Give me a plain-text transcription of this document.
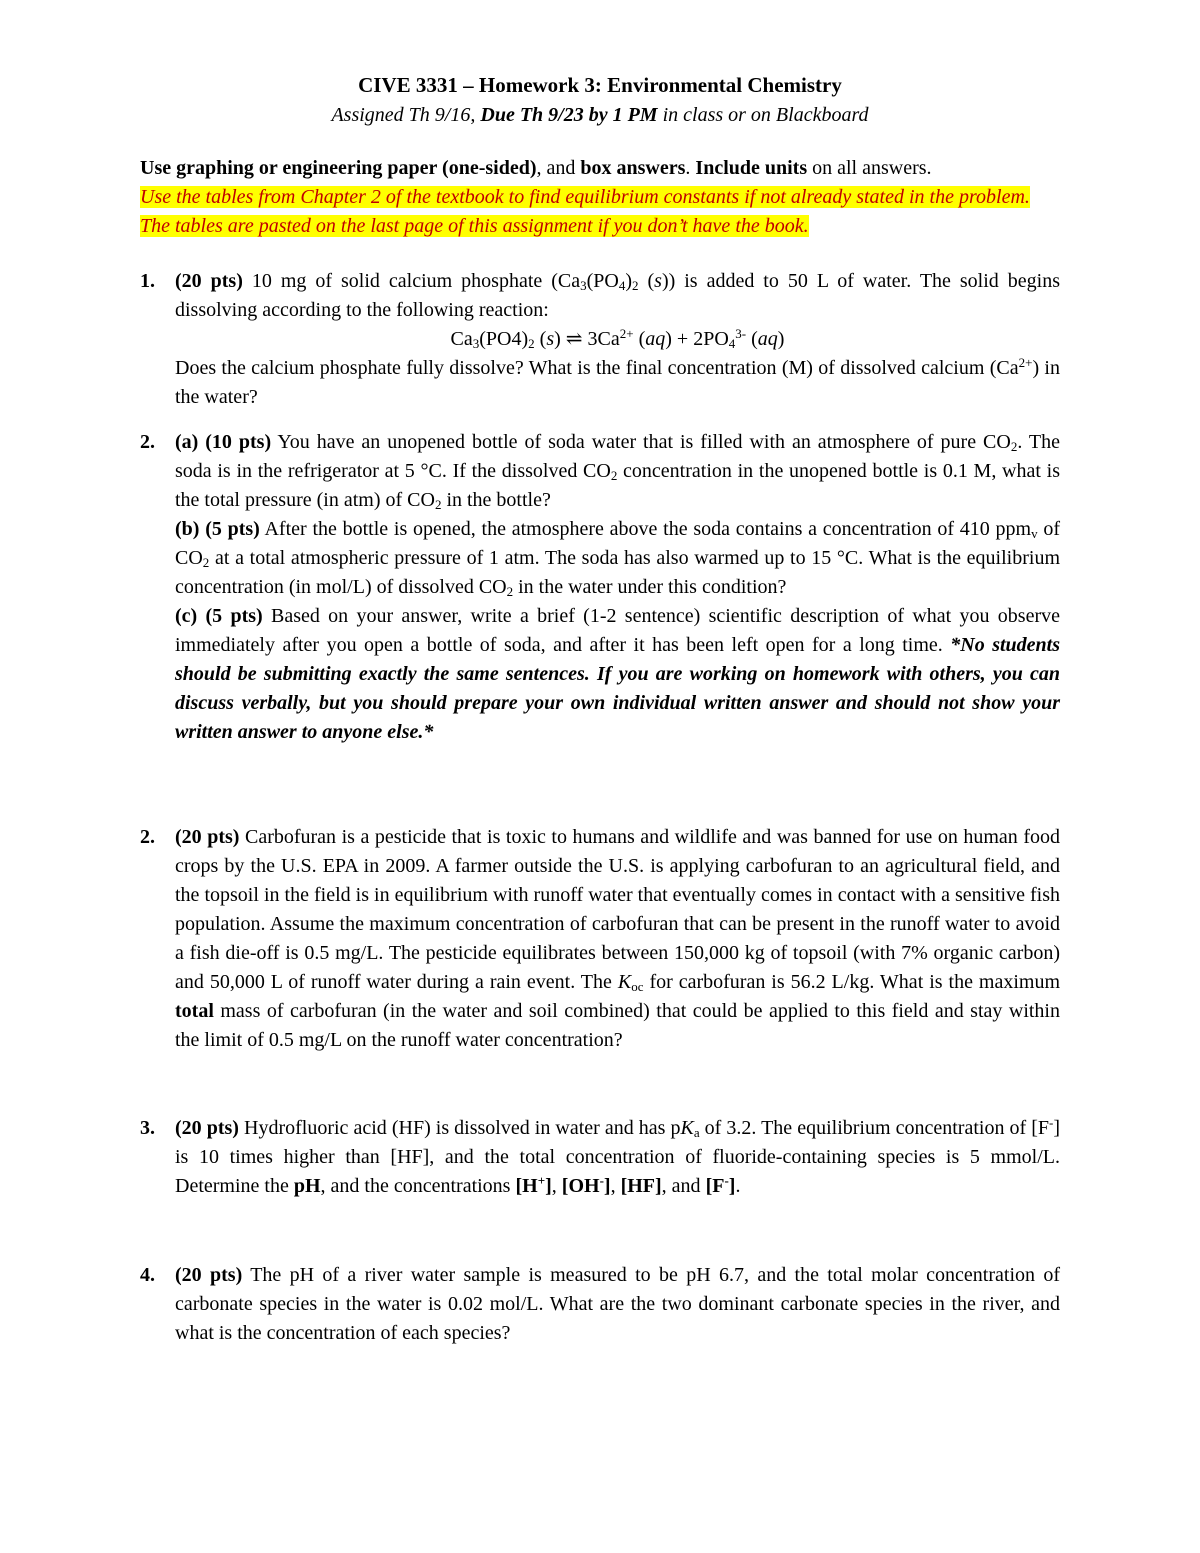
CIVE 3331 – Homework 3: Environmental Chemistry
Assigned Th 9/16, Due Th 9/23 by 1 PM in class or on Blackboard
Use graphing or engineering paper (one-sided), and box answers. Include units on all answers.
Use the tables from Chapter 2 of the textbook to find equilibrium constants if not already stated in the problem. The tables are pasted on the last page of this assignment if you don’t have the book.
1. (20 pts) 10 mg of solid calcium phosphate (Ca3(PO4)2 (s)) is added to 50 L of water. The solid begins dissolving according to the following reaction:

Ca3(PO4)2 (s) ⇌ $3Ca^{2+}$ $(aq) + 2PO4^{3-}$ (aq)

Does the calcium phosphate fully dissolve? What is the final concentration (M) of dissolved calcium $(Ca^{2+})$ in the water?

2. (a) (10 pts) You have an unopened bottle of soda water that is filled with an atmosphere of pure CO2. The soda is in the refrigerator at 5 °C. If the dissolved CO2 concentration in the unopened bottle is 0.1 M, what is the total pressure (in atm) of CO2 in the bottle?

(b) (5 pts) After the bottle is opened, the atmosphere above the soda contains a concentration of 410 ppmv of CO2 at a total atmospheric pressure of 1 atm. The soda has also warmed up to 15 °C. What is the equilibrium concentration (in mol/L) of dissolved CO2 in the water under this condition?

(c) (5 pts) Based on your answer, write a brief (1-2 sentence) scientific description of what you observe immediately after you open a bottle of soda, and after it has been left open for a long time. *No students should be submitting exactly the same sentences. If you are working on homework with others, you can discuss verbally, but you should prepare your own individual written answer and should not show your written answer to anyone else.*

2. (20 pts) Carbofuran is a pesticide that is toxic to humans and wildlife and was banned for use on human food crops by the U.S. EPA in 2009. A farmer outside the U.S. is applying carbofuran to an agricultural field, and the topsoil in the field is in equilibrium with runoff water that eventually comes in contact with a sensitive fish population. Assume the maximum concentration of carbofuran that can be present in the runoff water to avoid a fish die-off is 0.5 mg/L. The pesticide equilibrates between 150,000 kg of topsoil (with 7% organic carbon) and 50,000 L of runoff water during a rain event. The Koc for carbofuran is 56.2 L/kg. What is the maximum total mass of carbofuran (in the water and soil combined) that could be applied to this field and stay within the limit of 0.5 mg/L on the runoff water concentration?

3. (20 pts) Hydrofluoric acid (HF) is dissolved in water and has pKa of 3.2. The equilibrium concentration of [F-] is 10 times higher than [HF], and the total concentration of fluoride-containing species is 5 mmol/L. Determine the pH, and the concentrations [H+], [OH-], [HF], and [F-].

4. (20 pts) The pH of a river water sample is measured to be pH 6.7, and the total molar concentration of carbonate species in the water is 0.02 mol/L. What are the two dominant carbonate species in the river, and what is the concentration of each species?
